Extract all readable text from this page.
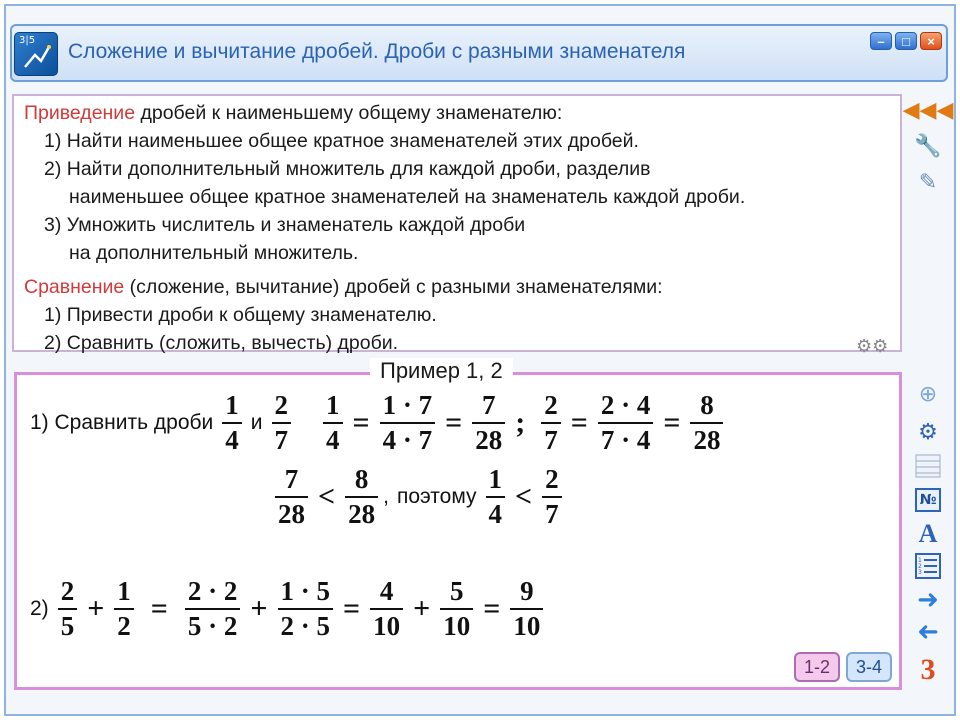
3|5 Сложение и вычитание дробей. Дроби с разными знаменателя	–	□	×
Приведение дробей к наименьшему общему знаменателю:
1) Найти наименьшее общее кратное знаменателей этих дробей.
2) Найти дополнительный множитель для каждой дроби, разделив
наименьшее общее кратное знаменателей на знаменатель каждой дроби.
3) Умножить числитель и знаменатель каждой дроби
на дополнительный множитель.
Сравнение (сложение, вычитание) дробей с разными знаменателями:
1) Привести дроби к общему знаменателю.
2) Сравнить (сложить, вычесть) дроби.	⚙⚙
Пример 1, 2
1) Сравнить дроби $\frac{1}{4}$ и $\frac{2}{7} \frac{1}{4} = \frac{1 \cdot 7}{4 \cdot 7} = \frac{7}{28}$ ; $\frac{2}{7} = \frac{2 \cdot 4}{7 \cdot 4} = \frac{8}{28}$
$\frac{7}{28} < \frac{8}{28}$ , поэтому $\frac{1}{4} < \frac{2}{7}$
$2) \frac{2}{5} + \frac{1}{2} = \frac{2 \cdot 2}{5 \cdot 2} + \frac{1 \cdot 5}{2 \cdot 5} = \frac{4}{10} + \frac{5}{10} = \frac{9}{10}$
1-2	3-4
◀◀◀
🔧
✎
⊕
⚙
№
A
1
2
3
➜
➜
3
